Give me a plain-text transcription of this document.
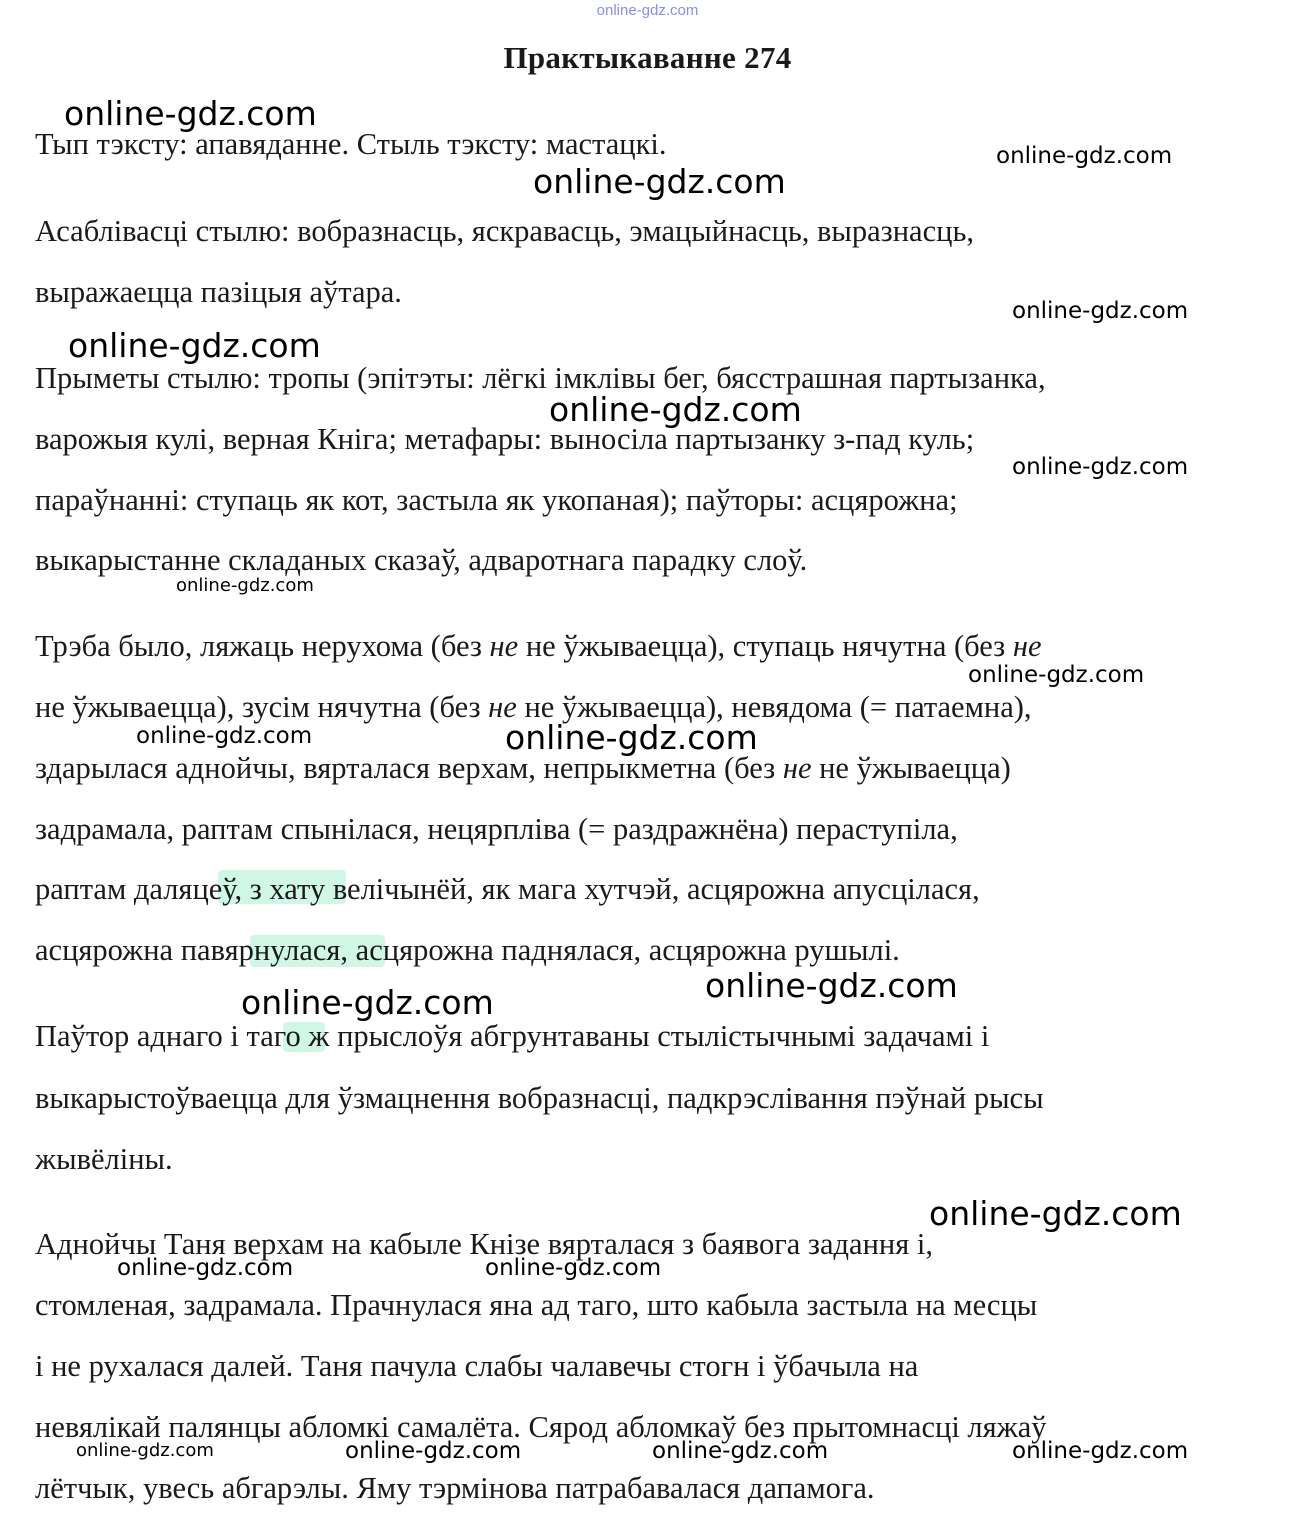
online-gdz.com
Практыкаванне 274
Тып тэксту: апавяданне. Стыль тэксту: мастацкі.
Асаблівасці стылю: вобразнасць, яскравасць, эмацыйнасць, выразнасць,
выражаецца пазіцыя аўтара.
Прыметы стылю: тропы (эпітэты: лёгкі імклівы бег, бясстрашная партызанка,
варожыя кулі, верная Кніга; метафары: выносіла партызанку з-пад куль;
параўнанні: ступаць як кот, застыла як укопаная); паўторы: асцярожна;
выкарыстанне складаных сказаў, адваротнага парадку слоў.
Трэба было, ляжаць нерухома (без не не ўжываецца), ступаць нячутна (без не
не ўжываецца), зусім нячутна (без не не ўжываецца), невядома (= патаемна),
здарылася аднойчы, вярталася верхам, непрыкметна (без не не ўжываецца)
задрамала, раптам спынілася, нецярпліва (= раздражнёна) пераступіла,
раптам даляцеў, з хату велічынёй, як мага хутчэй, асцярожна апусцілася,
асцярожна павярнулася, асцярожна паднялася, асцярожна рушылі.
Паўтор аднаго і таго ж прыслоўя абгрунтаваны стылістычнымі задачамі і
выкарыстоўваецца для ўзмацнення вобразнасці, падкрэслівання пэўнай рысы
жывёліны.
Аднойчы Таня верхам на кабыле Кнізе вярталася з баявога задання і,
стомленая, задрамала. Прачнулася яна ад таго, што кабыла застыла на месцы
і не рухалася далей. Таня пачула слабы чалавечы стогн і ўбачыла на
невялікай палянцы абломкі самалёта. Сярод абломкаў без прытомнасці ляжаў
лётчык, увесь абгарэлы. Яму тэрмінова патрабавалася дапамога.
online-gdz.com
online-gdz.com
online-gdz.com
online-gdz.com
online-gdz.com
online-gdz.com
online-gdz.com
online-gdz.com
online-gdz.com
online-gdz.com	online-gdz.com
online-gdz.com
online-gdz.com
online-gdz.com
online-gdz.com	online-gdz.com
online-gdz.com	online-gdz.com	online-gdz.com	online-gdz.com
